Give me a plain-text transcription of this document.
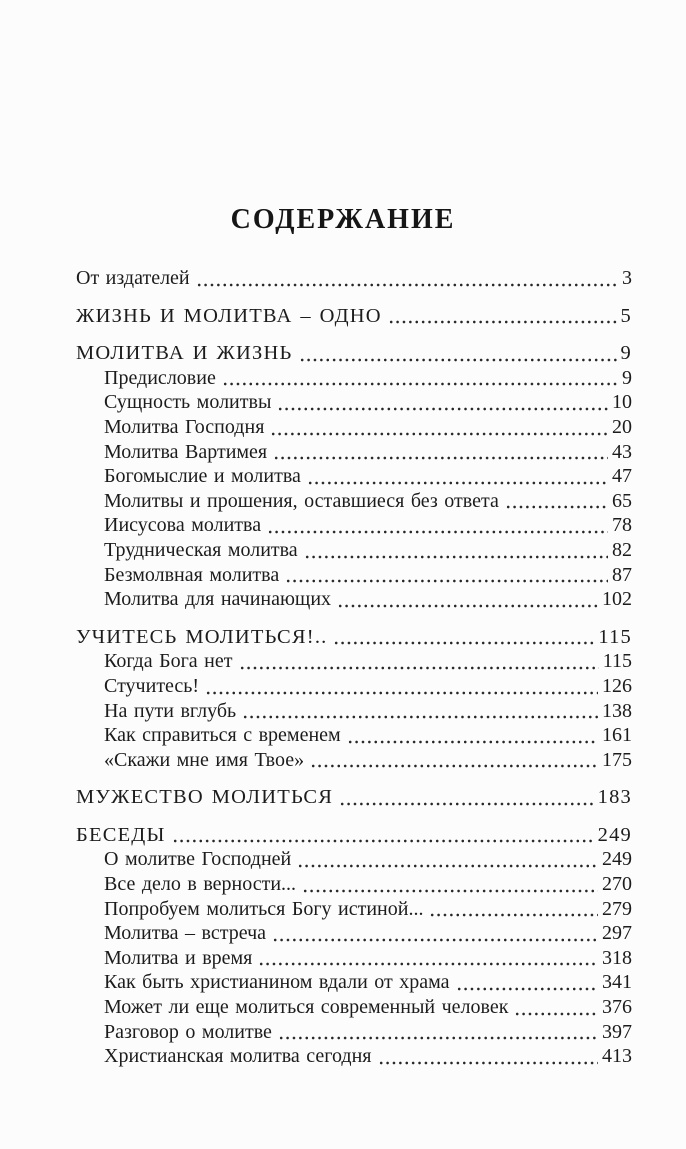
СОДЕРЖАНИЕ
От издателей	3
ЖИЗНЬ И МОЛИТВА – ОДНО	5
МОЛИТВА И ЖИЗНЬ	9
Предисловие	9
Сущность молитвы	10
Молитва Господня	20
Молитва Вартимея	43
Богомыслие и молитва	47
Молитвы и прошения, оставшиеся без ответа	65
Иисусова молитва	78
Трудническая молитва	82
Безмолвная молитва	87
Молитва для начинающих	102
УЧИТЕСЬ МОЛИТЬСЯ!..	115
Когда Бога нет	115
Стучитесь!	126
На пути вглубь	138
Как справиться с временем	161
«Скажи мне имя Твое»	175
МУЖЕСТВО МОЛИТЬСЯ	183
БЕСЕДЫ	249
О молитве Господней	249
Все дело в верности...	270
Попробуем молиться Богу истиной...	279
Молитва – встреча	297
Молитва и время	318
Как быть христианином вдали от храма	341
Может ли еще молиться современный человек	376
Разговор о молитве	397
Христианская молитва сегодня	413
